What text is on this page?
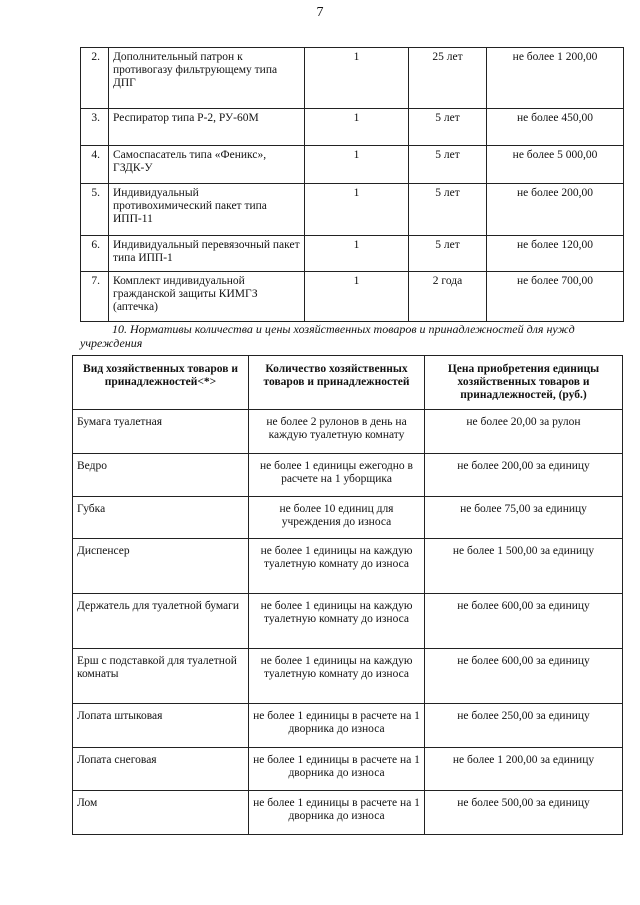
7
2.	Дополнительный патрон к противогазу фильтрующему типа ДПГ	1	25 лет	не более 1 200,00
3.	Респиратор типа Р-2, РУ-60М	1	5 лет	не более 450,00
4.	Самоспасатель типа «Феникс», ГЗДК-У	1	5 лет	не более 5 000,00
5.	Индивидуальный противохимический пакет типа ИПП-11	1	5 лет	не более 200,00
6.	Индивидуальный перевязочный пакет типа ИПП-1	1	5 лет	не более 120,00
7.	Комплект индивидуальной гражданской защиты КИМГЗ (аптечка)	1	2 года	не более 700,00
10. Нормативы количества и цены хозяйственных товаров и принадлежностей для нужд учреждения
Вид хозяйственных товаров и принадлежностей<*>	Количество хозяйственных товаров и принадлежностей	Цена приобретения единицы хозяйственных товаров и принадлежностей, (руб.)
Бумага туалетная	не более 2 рулонов в день на каждую туалетную комнату	не более 20,00 за рулон
Ведро	не более 1 единицы ежегодно в расчете на 1 уборщика	не более 200,00 за единицу
Губка	не более 10 единиц для учреждения до износа	не более 75,00 за единицу
Диспенсер	не более 1 единицы на каждую туалетную комнату до износа	не более 1 500,00 за единицу
Держатель для туалетной бумаги	не более 1 единицы на каждую туалетную комнату до износа	не более 600,00 за единицу
Ерш с подставкой для туалетной комнаты	не более 1 единицы на каждую туалетную комнату до износа	не более 600,00 за единицу
Лопата штыковая	не более 1 единицы в расчете на 1 дворника до износа	не более 250,00 за единицу
Лопата снеговая	не более 1 единицы в расчете на 1 дворника до износа	не более 1 200,00 за единицу
Лом	не более 1 единицы в расчете на 1 дворника до износа	не более 500,00 за единицу
